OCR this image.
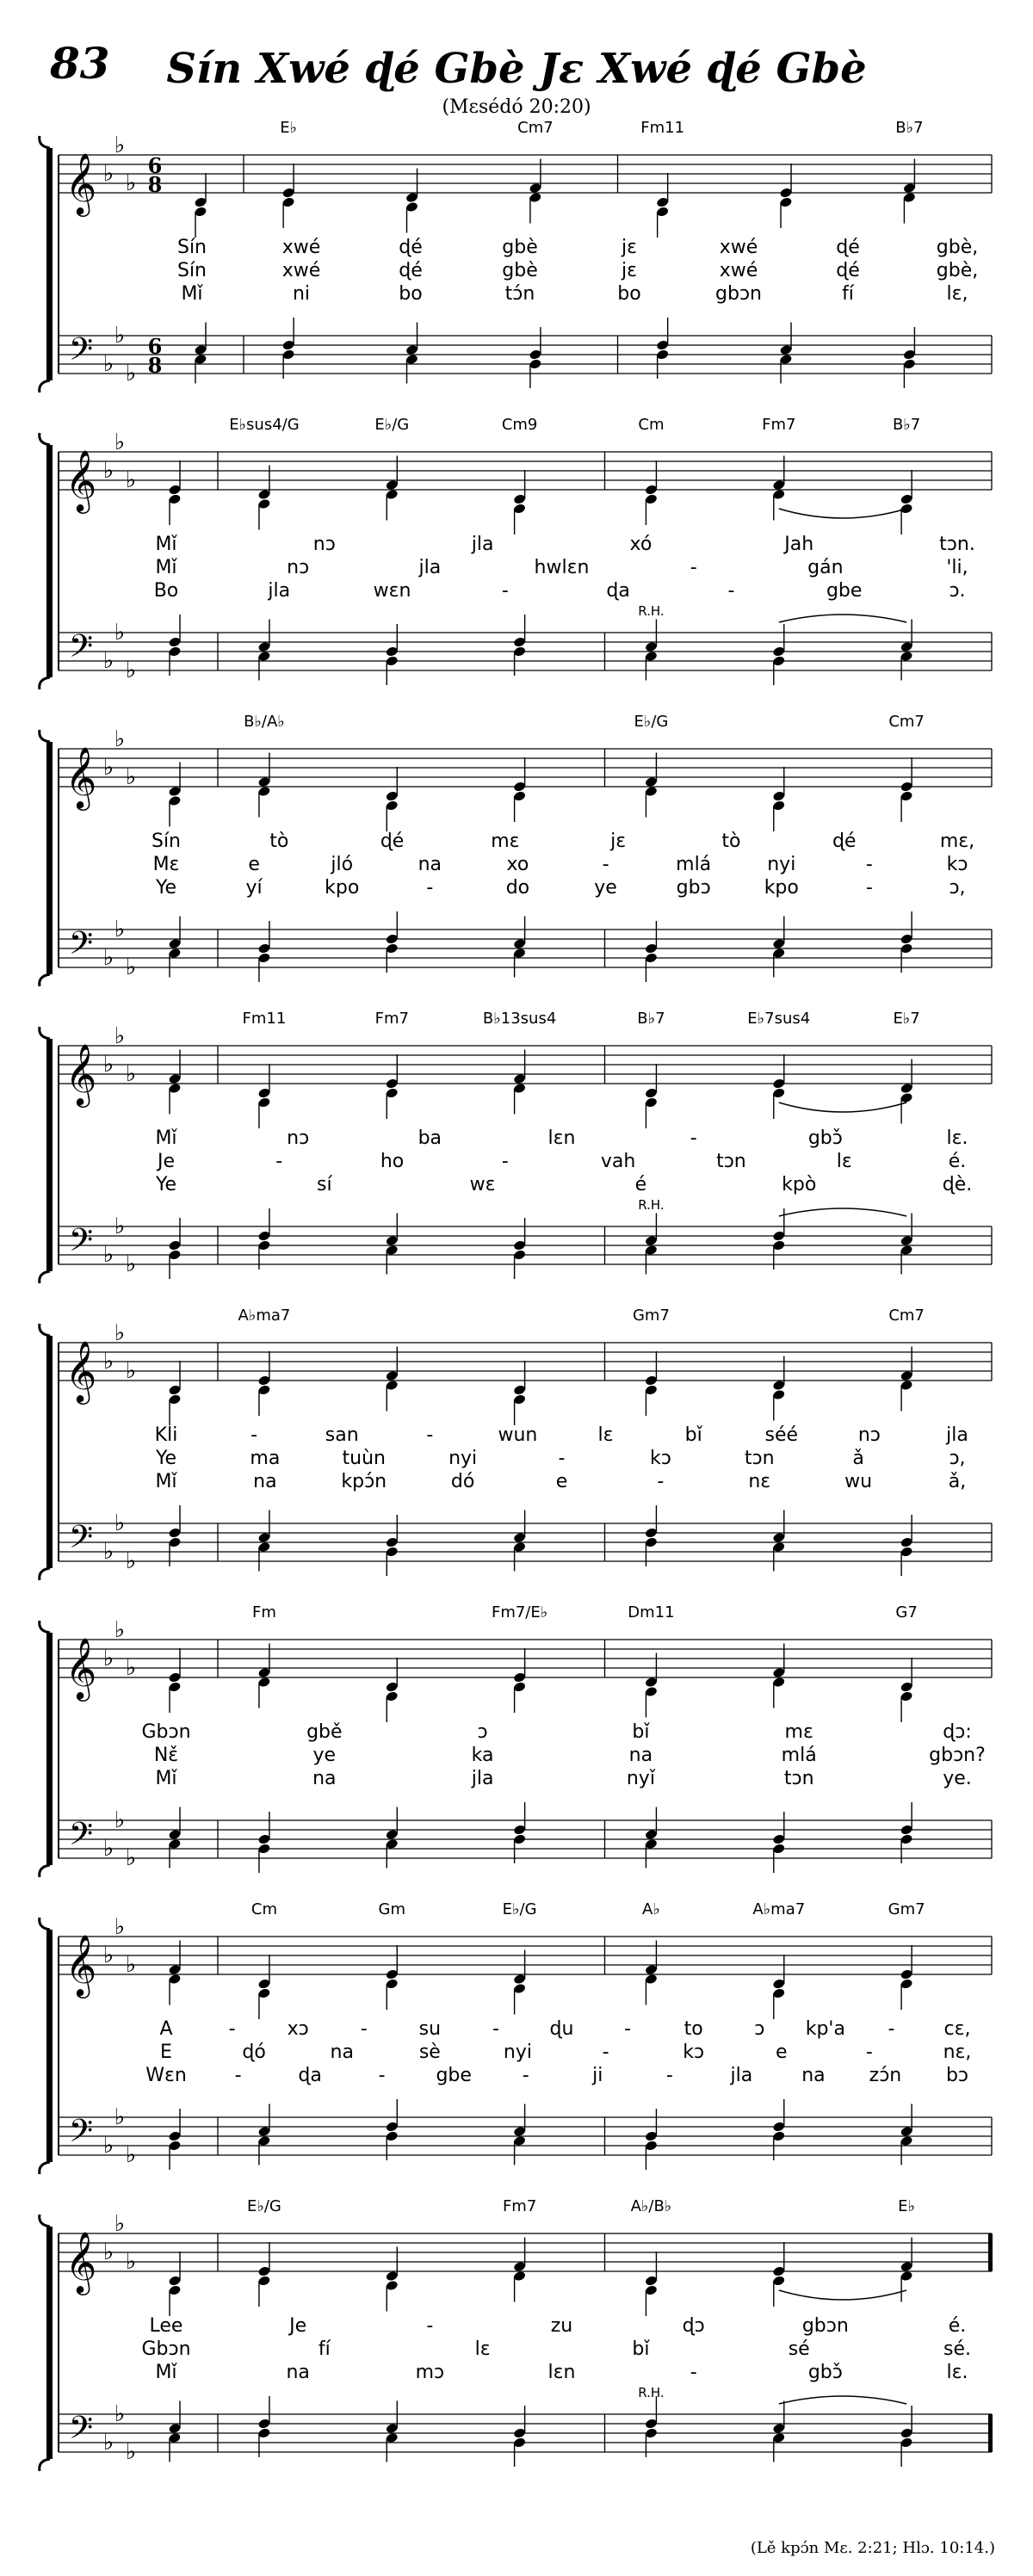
83	Sín Xwé ɖé Gbè Jɛ Xwé ɖé Gbè
(Mɛsédó 20:20)
𝄞
𝄢
♭
♭
♭
♭
♭
♭
6
8
6
8
E♭	Cm7	Fm11	B♭7
Sín	xwé	ɖé	gbè	jɛ	xwé	ɖé	gbè,
Sín	xwé	ɖé	gbè	jɛ	xwé	ɖé	gbè,
Mǐ	ni	bo	tɔ́n	bo	gbɔn	fí	lɛ,
𝄞
𝄢
♭
♭
♭
♭
♭
♭
E♭sus4/G	E♭/G	Cm9	Cm	Fm7	B♭7
R.H.
Mǐ	nɔ	jla	xó	Jah	tɔn.
Mǐ	nɔ	jla	hwlɛn	-	gán	'li,
Bo	jla	wɛn	-	ɖa	-	gbe	ɔ.
𝄞
𝄢
♭
♭
♭
♭
♭
♭
B♭/A♭	E♭/G	Cm7
Sín	tò	ɖé	mɛ	jɛ	tò	ɖé	mɛ,
Mɛ	e	jló	na	xo	-	mlá	nyi	-	kɔ
Ye	yí	kpo	-	do	ye	gbɔ	kpo	-	ɔ,
𝄞
𝄢
♭
♭
♭
♭
♭
♭
Fm11	Fm7	B♭13sus4	B♭7	E♭7sus4	E♭7
R.H.
Mǐ	nɔ	ba	lɛn	-	gbɔ̌	lɛ.
Je	-	ho	-	vah	tɔn	lɛ	é.
Ye	sí	wɛ	é	kpò	ɖè.
𝄞
𝄢
♭
♭
♭
♭
♭
♭
A♭ma7	Gm7	Cm7
Kli	-	san	-	wun	lɛ	bǐ	séé	nɔ	jla
Ye	ma	tuùn	nyi	-	kɔ	tɔn	ǎ	ɔ,
Mǐ	na	kpɔ́n	dó	e	-	nɛ	wu	ǎ,
𝄞
𝄢
♭
♭
♭
♭
♭
♭
Fm	Fm7/E♭	Dm11	G7
Gbɔn	gbě	ɔ	bǐ	mɛ	ɖɔ:
Nɛ̌	ye	ka	na	mlá	gbɔn?
Mǐ	na	jla	nyǐ	tɔn	ye.
𝄞
𝄢
♭
♭
♭
♭
♭
♭
Cm	Gm	E♭/G	A♭	A♭ma7	Gm7
A	-	xɔ	-	su	-	ɖu	-	to	ɔ kp'a -	cɛ,
E	ɖó	na	sè	nyi	-	kɔ	e	-	nɛ,
Wɛn	-	ɖa	-	gbe	-	ji	-	jla	na zɔ́n bɔ
𝄞
𝄢
♭
♭
♭
♭
♭
♭
E♭/G	Fm7	A♭/B♭	E♭
R.H.
Lee	Je	-	zu	ɖɔ	gbɔn	é.
Gbɔn	fí	lɛ	bǐ	sé	sé.
Mǐ	na	mɔ	lɛn	-	gbɔ̌	lɛ.
(Lě kpɔ́n Mɛ. 2:21; Hlɔ. 10:14.)
